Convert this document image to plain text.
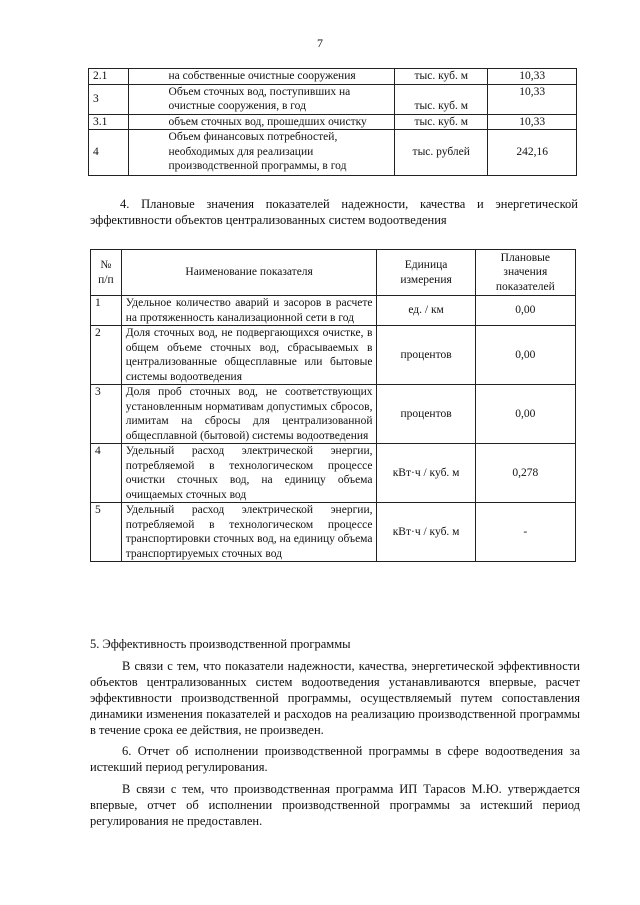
7
2.1	на собственные очистные сооружения	тыс. куб. м	10,33
3	Объем сточных вод, поступивших на очистные сооружения, в год	тыс. куб. м	10,33
3.1	объем сточных вод, прошедших очистку	тыс. куб. м	10,33
4	Объем финансовых потребностей, необходимых для реализации производственной программы, в год	тыс. рублей	242,16
4. Плановые значения показателей надежности, качества и энергетической эффективности объектов централизованных систем водоотведения
№ п/п	Наименование показателя	Единица измерения	Плановые значения показателей
1	Удельное количество аварий и засоров в расчете на протяженность канализационной сети в год	ед. / км	0,00
2	Доля сточных вод, не подвергающихся очистке, в общем объеме сточных вод, сбрасываемых в централизованные общесплавные или бытовые системы водоотведения	процентов	0,00
3	Доля проб сточных вод, не соответствующих установленным нормативам допустимых сбросов, лимитам на сбросы для централизованной общесплавной (бытовой) системы водоотведения	процентов	0,00
4	Удельный расход электрической энергии, потребляемой в технологическом процессе очистки сточных вод, на единицу объема очищаемых сточных вод	кВт·ч / куб. м	0,278
5	Удельный расход электрической энергии, потребляемой в технологическом процессе транспортировки сточных вод, на единицу объема транспортируемых сточных вод	кВт·ч / куб. м	-
5. Эффективность производственной программы
В связи с тем, что показатели надежности, качества, энергетической эффективности объектов централизованных систем водоотведения устанавливаются впервые, расчет эффективности производственной программы, осуществляемый путем сопоставления динамики изменения показателей и расходов на реализацию производственной программы в течение срока ее действия, не произведен.
6. Отчет об исполнении производственной программы в сфере водоотведения за истекший период регулирования.
В связи с тем, что производственная программа ИП Тарасов М.Ю. утверждается впервые, отчет об исполнении производственной программы за истекший период регулирования не предоставлен.
